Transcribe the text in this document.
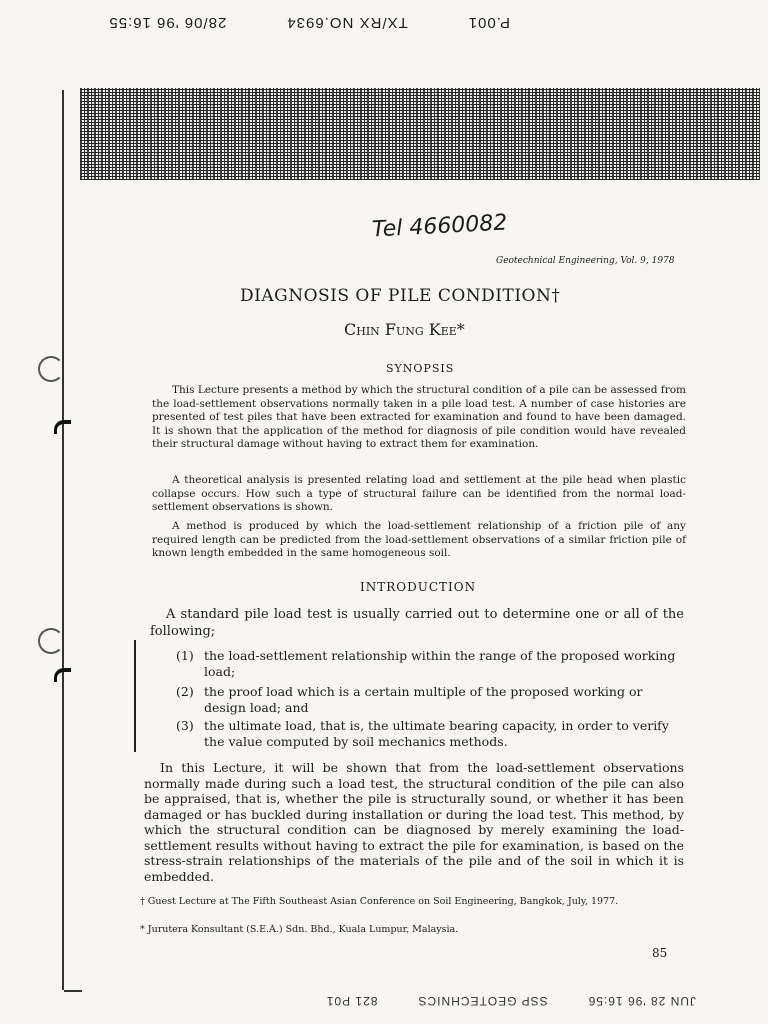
P.001
TX/RX NO.6934
28/06 '96 16:55
Tel 4660082
Geotechnical Engineering, Vol. 9, 1978
DIAGNOSIS OF PILE CONDITION†
Chin Fung Kee*
SYNOPSIS
This Lecture presents a method by which the structural condition of a pile can be assessed from the load-settlement observations normally taken in a pile load test. A number of case histories are presented of test piles that have been extracted for examination and found to have been damaged. It is shown that the application of the method for diagnosis of pile condition would have revealed their structural damage without having to extract them for examination.
A theoretical analysis is presented relating load and settlement at the pile head when plastic collapse occurs. How such a type of structural failure can be identified from the normal load-settlement observations is shown.
A method is produced by which the load-settlement relationship of a friction pile of any required length can be predicted from the load-settlement observations of a similar friction pile of known length embedded in the same homogeneous soil.
INTRODUCTION
A standard pile load test is usually carried out to determine one or all of the following;
(1) the load-settlement relationship within the range of the proposed working load;
(2) the proof load which is a certain multiple of the proposed working or design load; and
(3) the ultimate load, that is, the ultimate bearing capacity, in order to verify the value computed by soil mechanics methods.
In this Lecture, it will be shown that from the load-settlement observations normally made during such a load test, the structural condition of the pile can also be appraised, that is, whether the pile is structurally sound, or whether it has been damaged or has buckled during installation or during the load test. This method, by which the structural condition can be diagnosed by merely examining the load-settlement results without having to extract the pile for examination, is based on the stress-strain relationships of the materials of the pile and of the soil in which it is embedded.
† Guest Lecture at The Fifth Southeast Asian Conference on Soil Engineering, Bangkok, July, 1977.
* Jurutera Konsultant (S.E.A.) Sdn. Bhd., Kuala Lumpur, Malaysia.
85
JUN 28 '96 16:56
SSP GEOTECHNICS
821 P01
